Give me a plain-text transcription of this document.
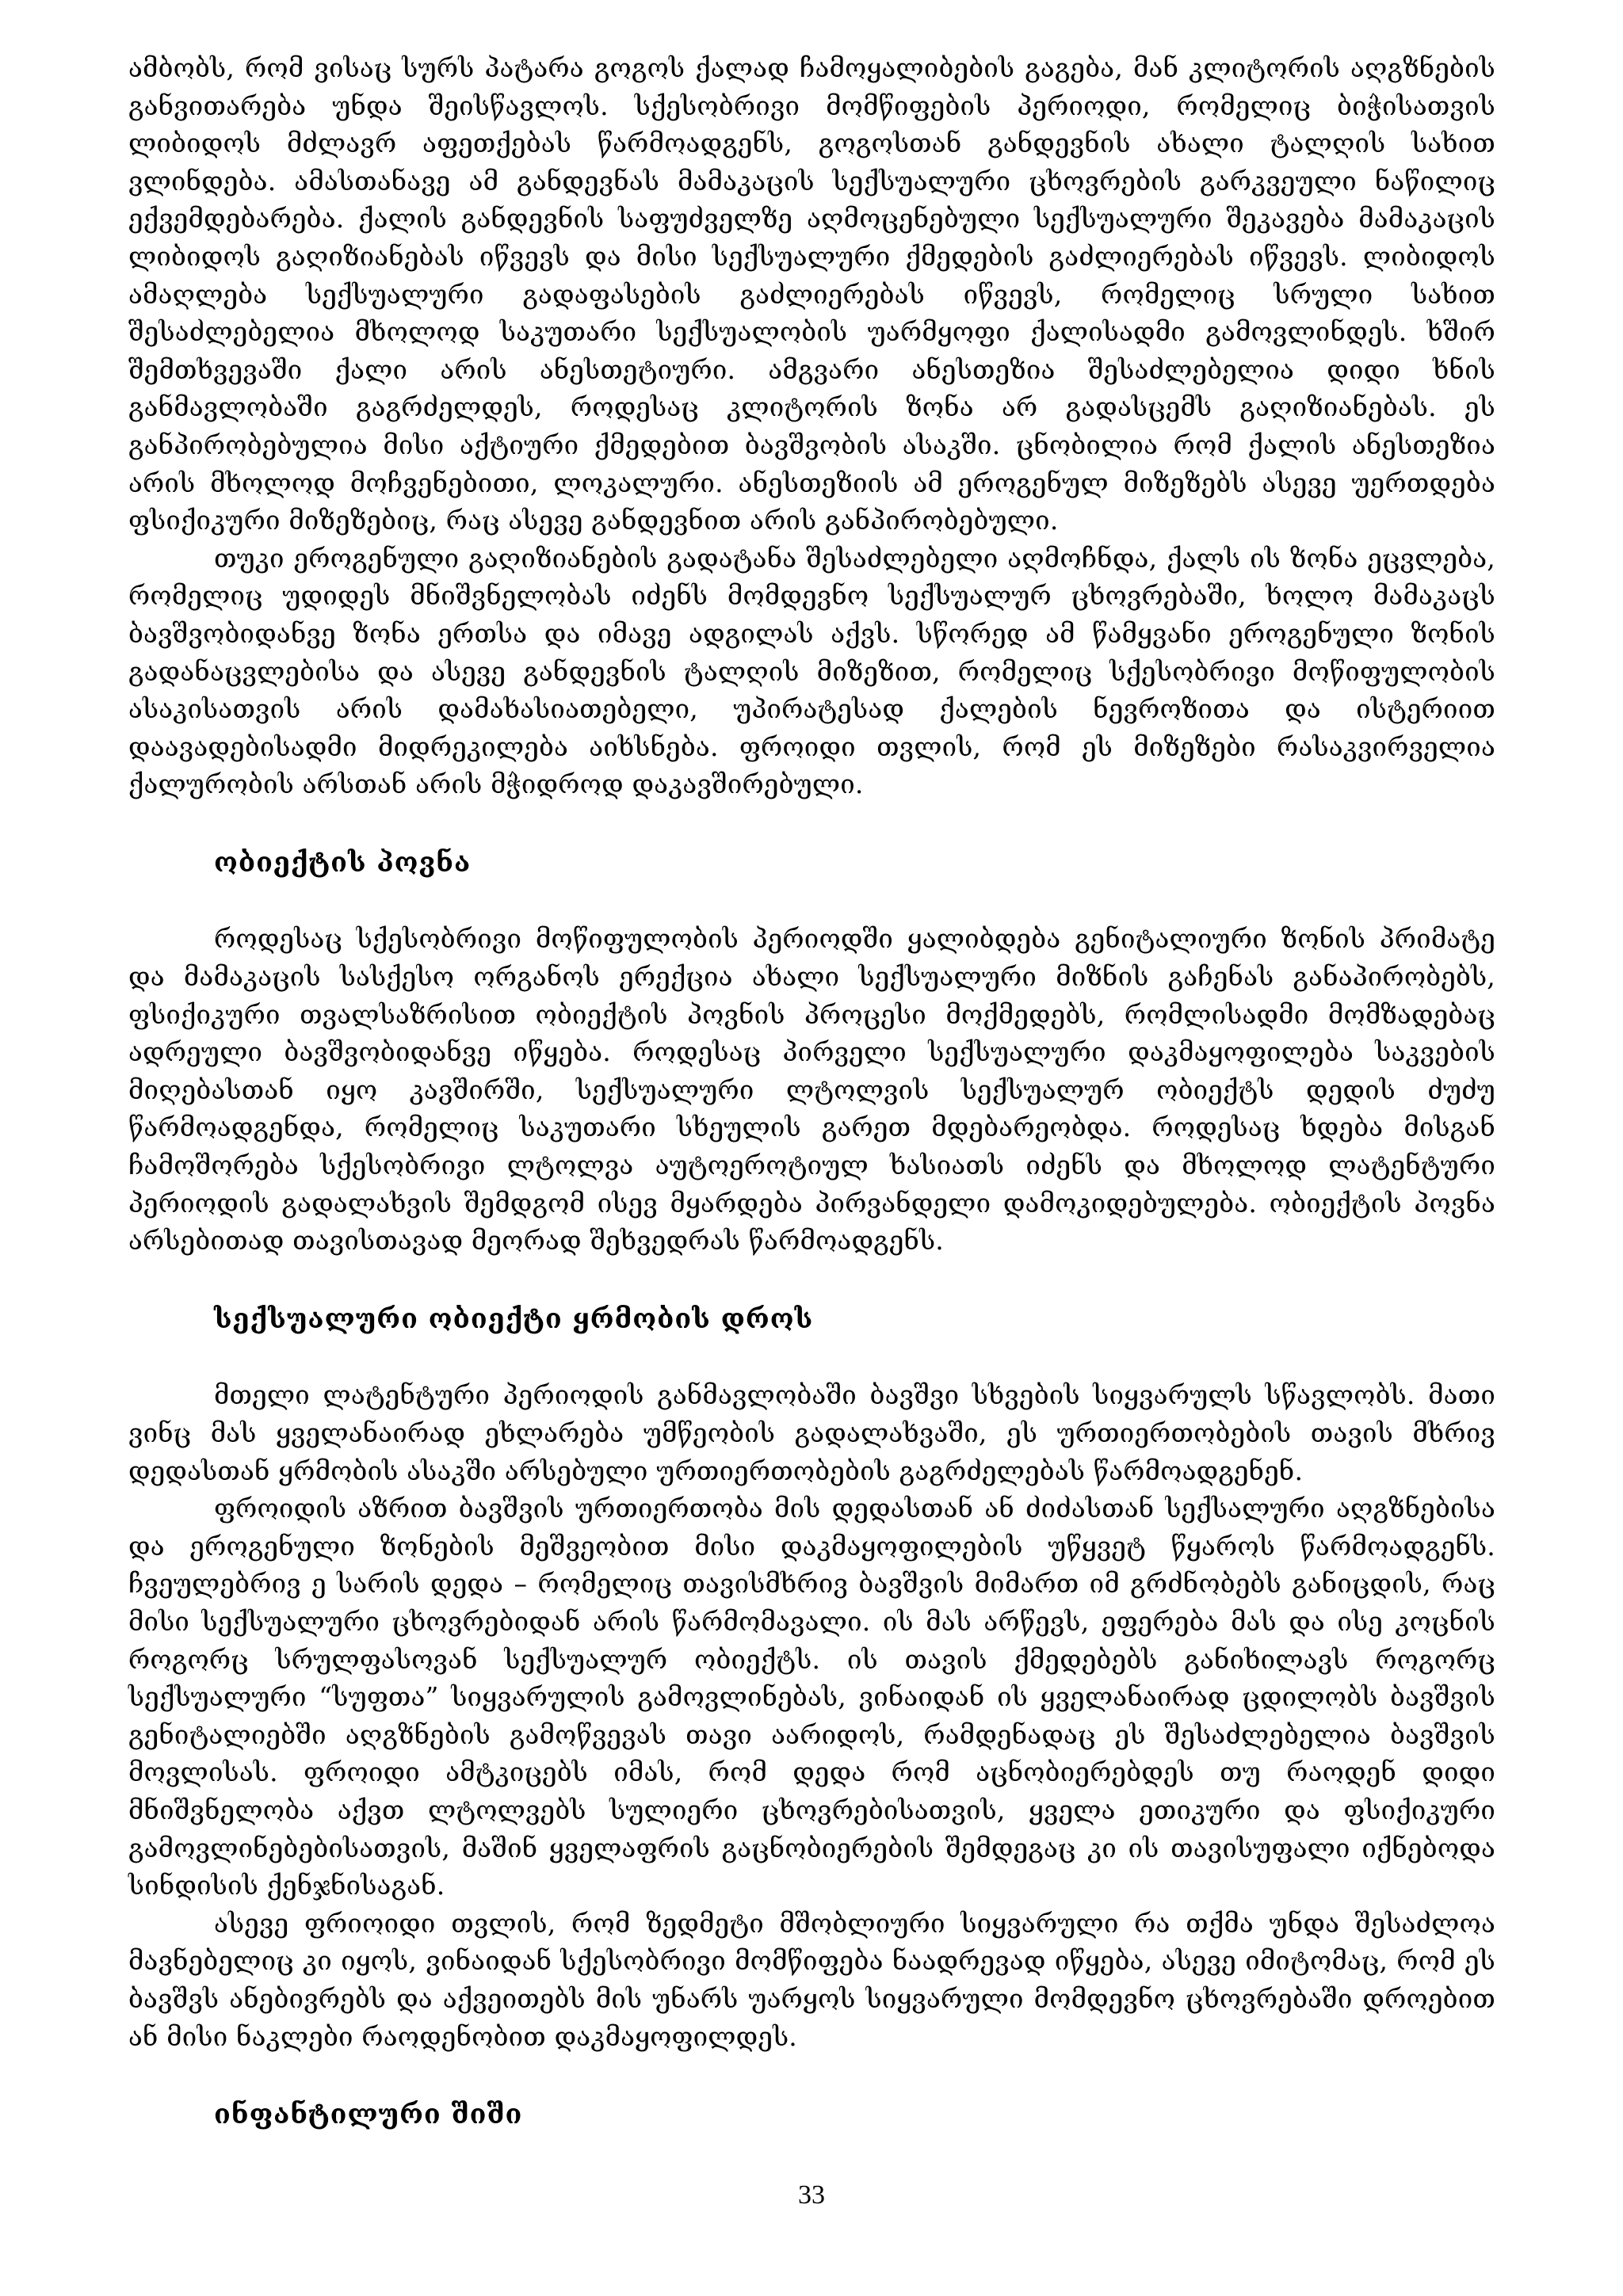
ამბობს, რომ ვისაც სურს პატარა გოგოს ქალად ჩამოყალიბების გაგება, მან კლიტორის აღგზნების განვითარება უნდა შეისწავლოს. სქესობრივი მომწიფების პერიოდი, რომელიც ბიჭისათვის ლიბიდოს მძლავრ აფეთქებას წარმოადგენს, გოგოსთან განდევნის ახალი ტალღის სახით ვლინდება. ამასთანავე ამ განდევნას მამაკაცის სექსუალური ცხოვრების გარკვეული ნაწილიც ექვემდებარება. ქალის განდევნის საფუძველზე აღმოცენებული სექსუალური შეკავება მამაკაცის ლიბიდოს გაღიზიანებას იწვევს და მისი სექსუალური ქმედების გაძლიერებას იწვევს. ლიბიდოს ამაღლება სექსუალური გადაფასების გაძლიერებას იწვევს, რომელიც სრული სახით შესაძლებელია მხოლოდ საკუთარი სექსუალობის უარმყოფი ქალისადმი გამოვლინდეს. ხშირ შემთხვევაში ქალი არის ანესთეტიური. ამგვარი ანესთეზია შესაძლებელია დიდი ხნის განმავლობაში გაგრძელდეს, როდესაც კლიტორის ზონა არ გადასცემს გაღიზიანებას. ეს განპირობებულია მისი აქტიური ქმედებით ბავშვობის ასაკში. ცნობილია რომ ქალის ანესთეზია არის მხოლოდ მოჩვენებითი, ლოკალური. ანესთეზიის ამ ეროგენულ მიზეზებს ასევე უერთდება ფსიქიკური მიზეზებიც, რაც ასევე განდევნით არის განპირობებული.

თუკი ეროგენული გაღიზიანების გადატანა შესაძლებელი აღმოჩნდა, ქალს ის ზონა ეცვლება, რომელიც უდიდეს მნიშვნელობას იძენს მომდევნო სექსუალურ ცხოვრებაში, ხოლო მამაკაცს ბავშვობიდანვე ზონა ერთსა და იმავე ადგილას აქვს. სწორედ ამ წამყვანი ეროგენული ზონის გადანაცვლებისა და ასევე განდევნის ტალღის მიზეზით, რომელიც სქესობრივი მოწიფულობის ასაკისათვის არის დამახასიათებელი, უპირატესად ქალების ნევროზითა და ისტერიით დაავადებისადმი მიდრეკილება აიხსნება. ფროიდი თვლის, რომ ეს მიზეზები რასაკვირველია ქალურობის არსთან არის მჭიდროდ დაკავშირებული.

ობიექტის პოვნა

როდესაც სქესობრივი მოწიფულობის პერიოდში ყალიბდება გენიტალიური ზონის პრიმატე და მამაკაცის სასქესო ორგანოს ერექცია ახალი სექსუალური მიზნის გაჩენას განაპირობებს, ფსიქიკური თვალსაზრისით ობიექტის პოვნის პროცესი მოქმედებს, რომლისადმი მომზადებაც ადრეული ბავშვობიდანვე იწყება. როდესაც პირველი სექსუალური დაკმაყოფილება საკვების მიღებასთან იყო კავშირში, სექსუალური ლტოლვის სექსუალურ ობიექტს დედის ძუძუ წარმოადგენდა, რომელიც საკუთარი სხეულის გარეთ მდებარეობდა. როდესაც ხდება მისგან ჩამოშორება სქესობრივი ლტოლვა აუტოეროტიულ ხასიათს იძენს და მხოლოდ ლატენტური პერიოდის გადალახვის შემდგომ ისევ მყარდება პირვანდელი დამოკიდებულება. ობიექტის პოვნა არსებითად თავისთავად მეორად შეხვედრას წარმოადგენს.

სექსუალური ობიექტი ყრმობის დროს

მთელი ლატენტური პერიოდის განმავლობაში ბავშვი სხვების სიყვარულს სწავლობს. მათი ვინც მას ყველანაირად ეხლარება უმწეობის გადალახვაში, ეს ურთიერთობების თავის მხრივ დედასთან ყრმობის ასაკში არსებული ურთიერთობების გაგრძელებას წარმოადგენენ.

ფროიდის აზრით ბავშვის ურთიერთობა მის დედასთან ან ძიძასთან სექსალური აღგზნებისა და ეროგენული ზონების მეშვეობით მისი დაკმაყოფილების უწყვეტ წყაროს წარმოადგენს. ჩვეულებრივ ე სარის დედა – რომელიც თავისმხრივ ბავშვის მიმართ იმ გრძნობებს განიცდის, რაც მისი სექსუალური ცხოვრებიდან არის წარმომავალი. ის მას არწევს, ეფერება მას და ისე კოცნის როგორც სრულფასოვან სექსუალურ ობიექტს. ის თავის ქმედებებს განიხილავს როგორც სექსუალური “სუფთა” სიყვარულის გამოვლინებას, ვინაიდან ის ყველანაირად ცდილობს ბავშვის გენიტალიებში აღგზნების გამოწვევას თავი აარიდოს, რამდენადაც ეს შესაძლებელია ბავშვის მოვლისას. ფროიდი ამტკიცებს იმას, რომ დედა რომ აცნობიერებდეს თუ რაოდენ დიდი მნიშვნელობა აქვთ ლტოლვებს სულიერი ცხოვრებისათვის, ყველა ეთიკური და ფსიქიკური გამოვლინებებისათვის, მაშინ ყველაფრის გაცნობიერების შემდეგაც კი ის თავისუფალი იქნებოდა სინდისის ქენჯნისაგან.

ასევე ფრიოიდი თვლის, რომ ზედმეტი მშობლიური სიყვარული რა თქმა უნდა შესაძლოა მავნებელიც კი იყოს, ვინაიდან სქესობრივი მომწიფება ნაადრევად იწყება, ასევე იმიტომაც, რომ ეს ბავშვს ანებივრებს და აქვეითებს მის უნარს უარყოს სიყვარული მომდევნო ცხოვრებაში დროებით ან მისი ნაკლები რაოდენობით დაკმაყოფილდეს.

ინფანტილური შიში
33
